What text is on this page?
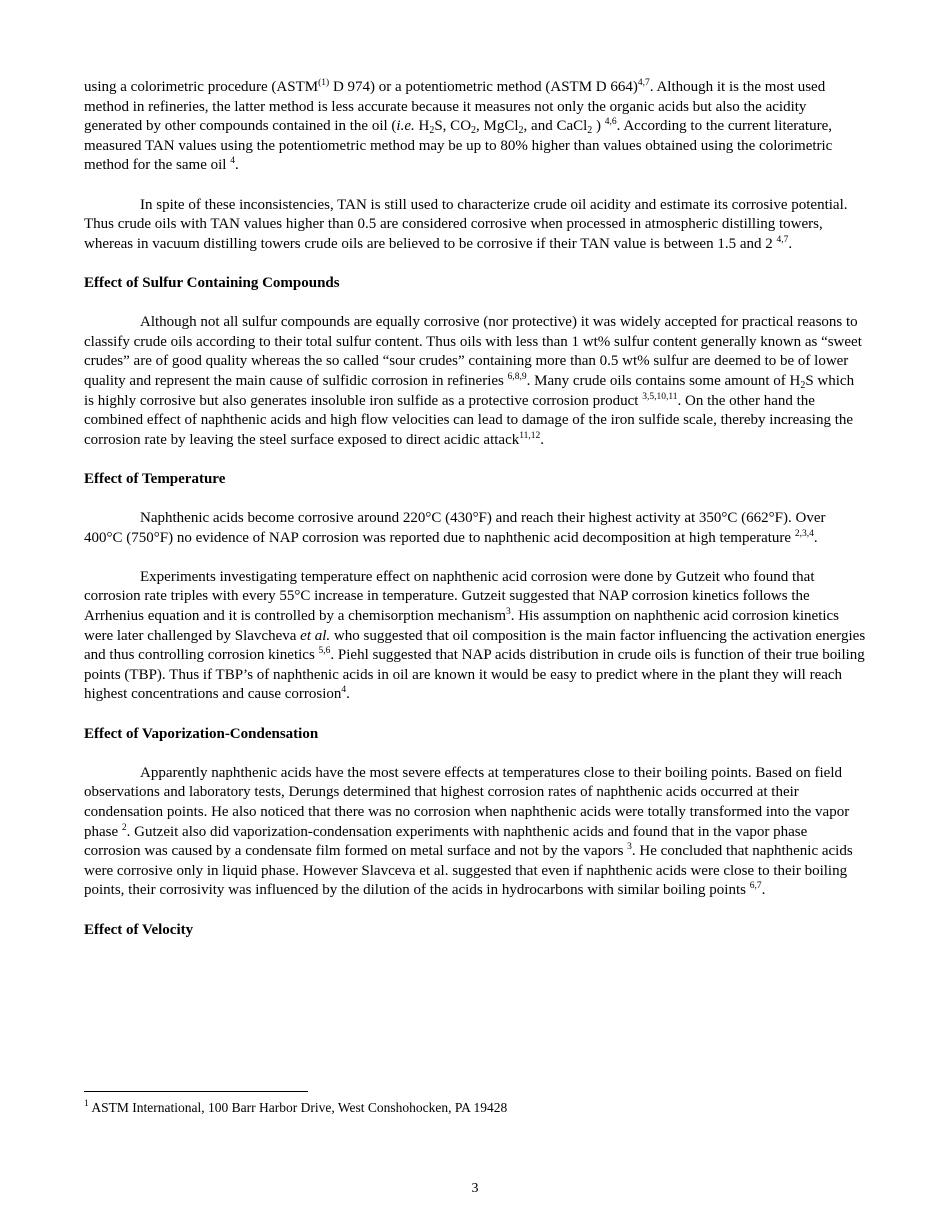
using a colorimetric procedure (ASTM$^{(1)}$ D 974) or a potentiometric method (ASTM D 664)$^{4,7}$. Although it is the most used method in refineries, the latter method is less accurate because it measures not only the organic acids but also the acidity generated by other compounds contained in the oil (i.e. $H_2S$, $CO_2$, MgCl$_2$, and CaCl$_2$ ) $^{4,6}$. According to the current literature, measured TAN values using the potentiometric method may be up to 80% higher than values obtained using the colorimetric method for the same oil $^4$.

In spite of these inconsistencies, TAN is still used to characterize crude oil acidity and estimate its corrosive potential. Thus crude oils with TAN values higher than 0.5 are considered corrosive when processed in atmospheric distilling towers, whereas in vacuum distilling towers crude oils are believed to be corrosive if their TAN value is between 1.5 and 2 $^{4,7}$.

Effect of Sulfur Containing Compounds

Although not all sulfur compounds are equally corrosive (nor protective) it was widely accepted for practical reasons to classify crude oils according to their total sulfur content. Thus oils with less than 1 wt% sulfur content generally known as “sweet crudes” are of good quality whereas the so called “sour crudes” containing more than 0.5 wt% sulfur are deemed to be of lower quality and represent the main cause of sulfidic corrosion in refineries $^{6,8,9}$. Many crude oils contains some amount of $H_2S$ which is highly corrosive but also generates insoluble iron sulfide as a protective corrosion product $^{3,5,10,11}$. On the other hand the combined effect of naphthenic acids and high flow velocities can lead to damage of the iron sulfide scale, thereby increasing the corrosion rate by leaving the steel surface exposed to direct acidic attack$^{11,12}$.

Effect of Temperature

Naphthenic acids become corrosive around 220°C (430°F) and reach their highest activity at 350°C (662°F). Over 400°C (750°F) no evidence of NAP corrosion was reported due to naphthenic acid decomposition at high temperature $^{2,3,4}$.

Experiments investigating temperature effect on naphthenic acid corrosion were done by Gutzeit who found that corrosion rate triples with every 55°C increase in temperature. Gutzeit suggested that NAP corrosion kinetics follows the Arrhenius equation and it is controlled by a chemisorption mechanism$^3$. His assumption on naphthenic acid corrosion kinetics were later challenged by Slavcheva et al. who suggested that oil composition is the main factor influencing the activation energies and thus controlling corrosion kinetics $^{5,6}$. Piehl suggested that NAP acids distribution in crude oils is function of their true boiling points (TBP). Thus if TBP’s of naphthenic acids in oil are known it would be easy to predict where in the plant they will reach highest concentrations and cause corrosion$^4$.

Effect of Vaporization-Condensation

Apparently naphthenic acids have the most severe effects at temperatures close to their boiling points. Based on field observations and laboratory tests, Derungs determined that highest corrosion rates of naphthenic acids occurred at their condensation points. He also noticed that there was no corrosion when naphthenic acids were totally transformed into the vapor phase $^2$. Gutzeit also did vaporization-condensation experiments with naphthenic acids and found that in the vapor phase corrosion was caused by a condensate film formed on metal surface and not by the vapors $^3$. He concluded that naphthenic acids were corrosive only in liquid phase. However Slavceva et al. suggested that even if naphthenic acids were close to their boiling points, their corrosivity was influenced by the dilution of the acids in hydrocarbons with similar boiling points $^{6,7}$.

Effect of Velocity
$^1$ ASTM International, 100 Barr Harbor Drive, West Conshohocken, PA 19428
3
